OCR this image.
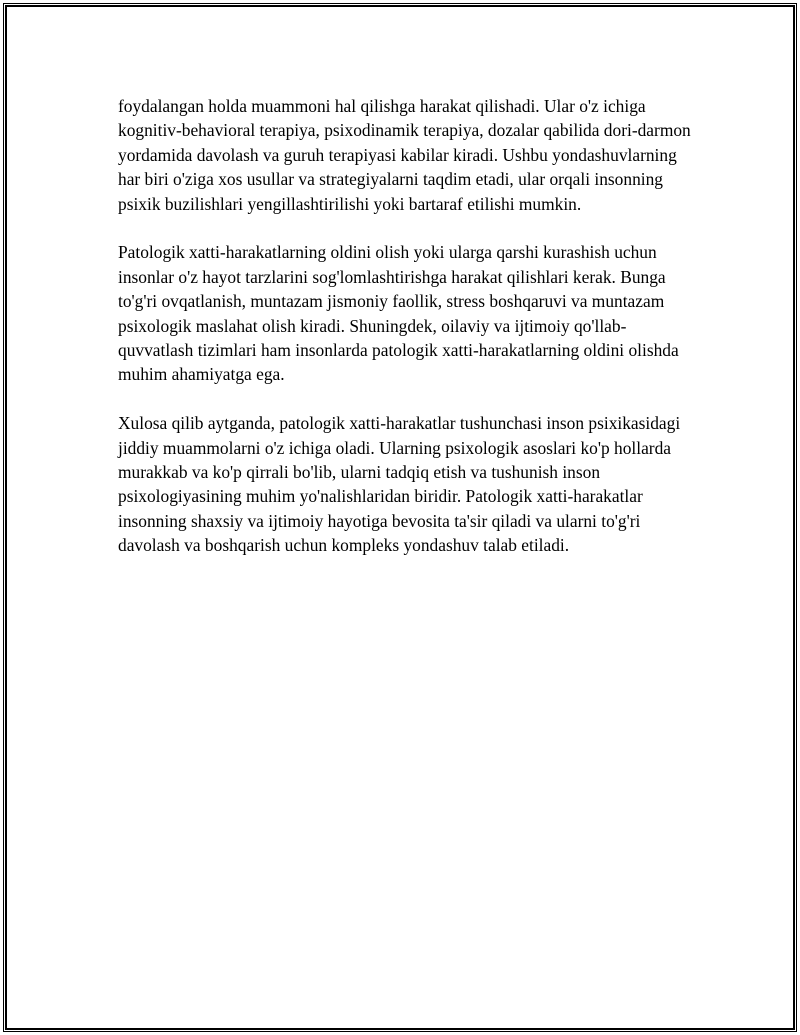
foydalangan holda muammoni hal qilishga harakat qilishadi. Ular o'z ichiga kognitiv-behavioral terapiya, psixodinamik terapiya, dozalar qabilida dori-darmon yordamida davolash va guruh terapiyasi kabilar kiradi. Ushbu yondashuvlarning har biri o'ziga xos usullar va strategiyalarni taqdim etadi, ular orqali insonning psixik buzilishlari yengillashtirilishi yoki bartaraf etilishi mumkin.

Patologik xatti-harakatlarning oldini olish yoki ularga qarshi kurashish uchun insonlar o'z hayot tarzlarini sog'lomlashtirishga harakat qilishlari kerak. Bunga to'g'ri ovqatlanish, muntazam jismoniy faollik, stress boshqaruvi va muntazam psixologik maslahat olish kiradi. Shuningdek, oilaviy va ijtimoiy qo'llab-quvvatlash tizimlari ham insonlarda patologik xatti-harakatlarning oldini olishda muhim ahamiyatga ega.

Xulosa qilib aytganda, patologik xatti-harakatlar tushunchasi inson psixikasidagi jiddiy muammolarni o'z ichiga oladi. Ularning psixologik asoslari ko'p hollarda murakkab va ko'p qirrali bo'lib, ularni tadqiq etish va tushunish inson psixologiyasining muhim yo'nalishlaridan biridir. Patologik xatti-harakatlar insonning shaxsiy va ijtimoiy hayotiga bevosita ta'sir qiladi va ularni to'g'ri davolash va boshqarish uchun kompleks yondashuv talab etiladi.
